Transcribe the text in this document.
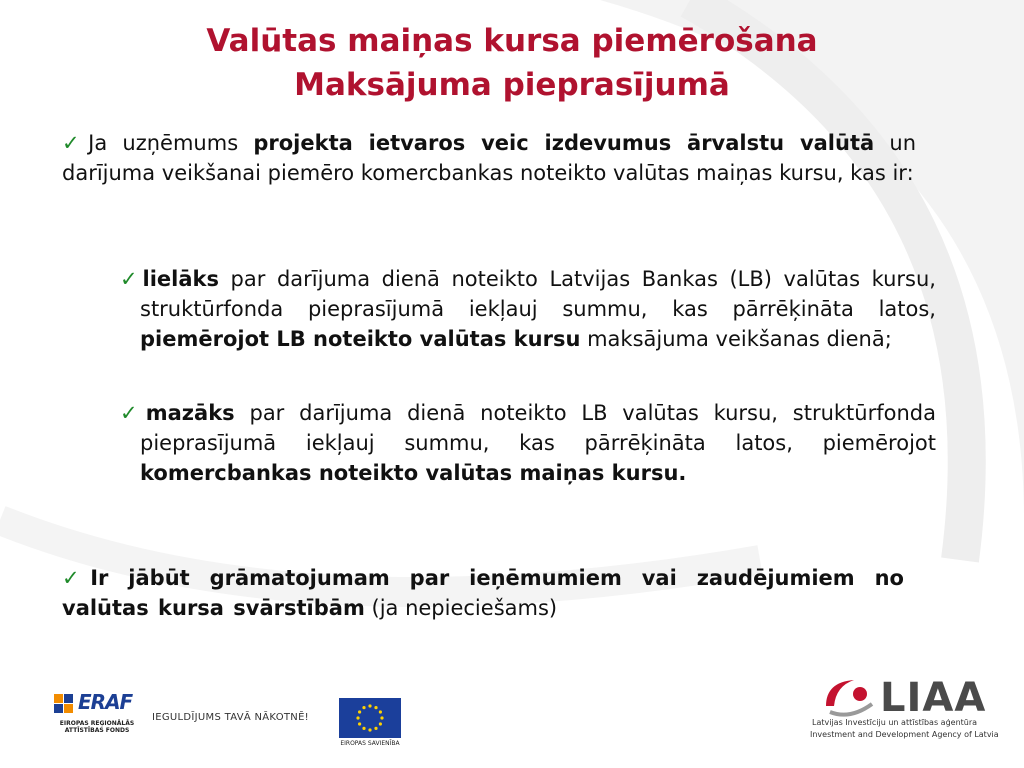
Valūtas maiņas kursa piemērošana
Maksājuma pieprasījumā
✓Ja uzņēmums projekta ietvaros veic izdevumus ārvalstu valūtā un darījuma veikšanai piemēro komercbankas noteikto valūtas maiņas kursu, kas ir:
✓lielāks par darījuma dienā noteikto Latvijas Bankas (LB) valūtas kursu, struktūrfonda pieprasījumā iekļauj summu, kas pārrēķināta latos, piemērojot LB noteikto valūtas kursu maksājuma veikšanas dienā;
✓mazāks par darījuma dienā noteikto LB valūtas kursu, struktūrfonda pieprasījumā iekļauj summu, kas pārrēķināta latos, piemērojot komercbankas noteikto valūtas maiņas kursu.
✓Ir jābūt grāmatojumam par ieņēmumiem vai zaudējumiem no valūtas kursa svārstībām (ja nepieciešams)
ERAF
EIROPAS REĢIONĀLĀS ATTĪSTĪBAS FONDS
IEGULDĪJUMS TAVĀ NĀKOTNĒ!
EIROPAS SAVIENĪBA
LIAA
Latvijas Investīciju un attīstības aģentūra
Investment and Development Agency of Latvia
